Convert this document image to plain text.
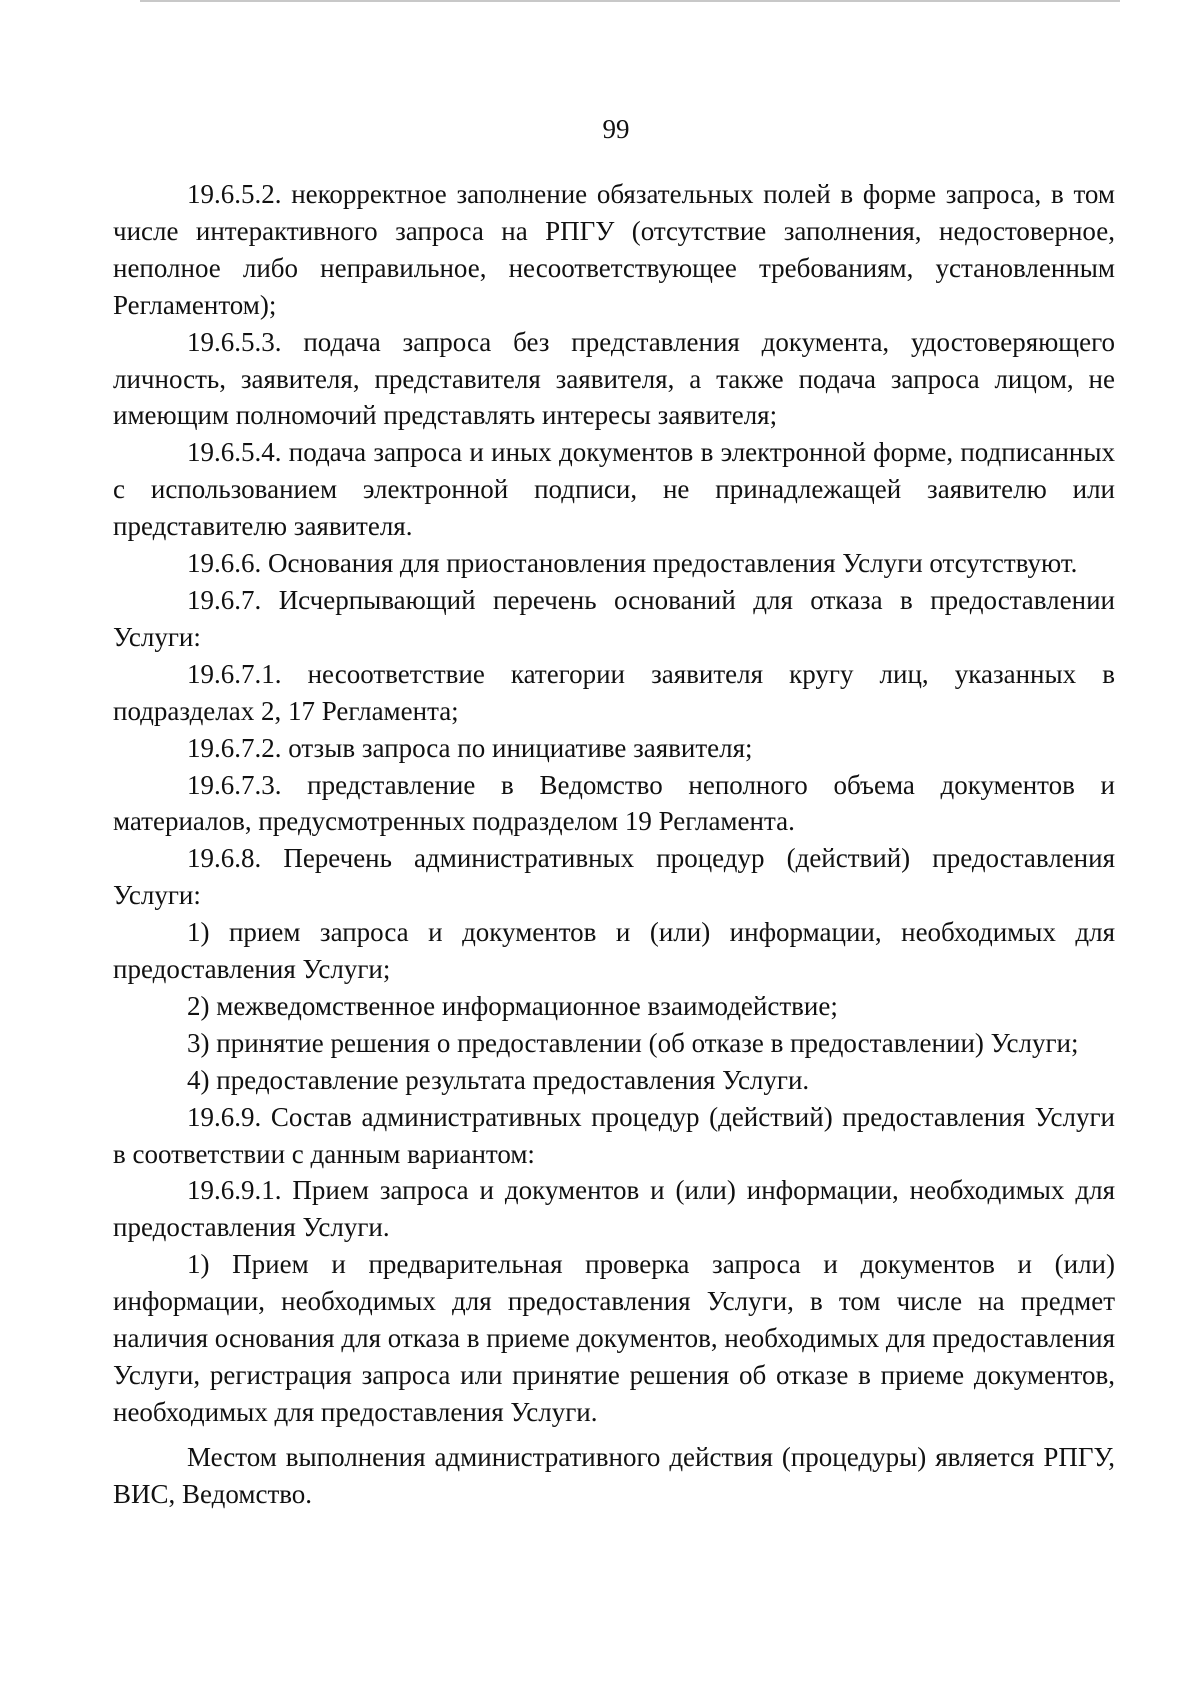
99

19.6.5.2. некорректное заполнение обязательных полей в форме запроса, в том числе интерактивного запроса на РПГУ (отсутствие заполнения, недостоверное, неполное либо неправильное, несоответствующее требованиям, установленным Регламентом);

19.6.5.3. подача запроса без представления документа, удостоверяющего личность, заявителя, представителя заявителя, а также подача запроса лицом, не имеющим полномочий представлять интересы заявителя;

19.6.5.4. подача запроса и иных документов в электронной форме, подписанных с использованием электронной подписи, не принадлежащей заявителю или представителю заявителя.

19.6.6. Основания для приостановления предоставления Услуги отсутствуют.

19.6.7. Исчерпывающий перечень оснований для отказа в предоставлении Услуги:

19.6.7.1. несоответствие категории заявителя кругу лиц, указанных в подразделах 2, 17 Регламента;

19.6.7.2. отзыв запроса по инициативе заявителя;

19.6.7.3. представление в Ведомство неполного объема документов и материалов, предусмотренных подразделом 19 Регламента.

19.6.8. Перечень административных процедур (действий) предоставления Услуги:

1) прием запроса и документов и (или) информации, необходимых для предоставления Услуги;

2) межведомственное информационное взаимодействие;

3) принятие решения о предоставлении (об отказе в предоставлении) Услуги;

4) предоставление результата предоставления Услуги.

19.6.9. Состав административных процедур (действий) предоставления Услуги в соответствии с данным вариантом:

19.6.9.1. Прием запроса и документов и (или) информации, необходимых для предоставления Услуги.

1) Прием и предварительная проверка запроса и документов и (или) информации, необходимых для предоставления Услуги, в том числе на предмет наличия основания для отказа в приеме документов, необходимых для предоставления Услуги, регистрация запроса или принятие решения об отказе в приеме документов, необходимых для предоставления Услуги.

Местом выполнения административного действия (процедуры) является РПГУ, ВИС, Ведомство.
